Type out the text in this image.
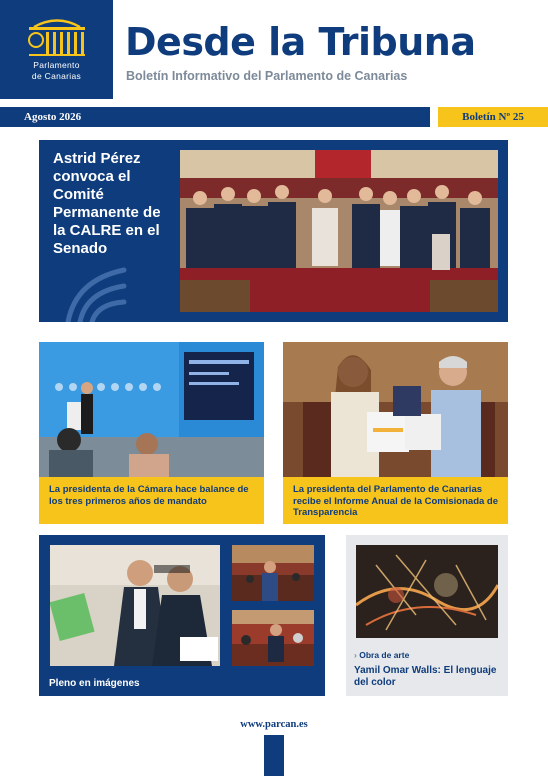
Parlamento
de Canarias
Desde la Tribuna
Boletín Informativo del Parlamento de Canarias
Agosto 2026	Boletín Nº 25
Astrid Pérez convoca el Comité Permanente de la CALRE en el Senado
La presidenta de la Cámara hace balance de los tres primeros años de mandato
La presidenta del Parlamento de Canarias recibe el Informe Anual de la Comisionada de Transparencia
Pleno en imágenes
› Obra de arte
Yamil Omar Walls: El lenguaje del color
www.parcan.es
